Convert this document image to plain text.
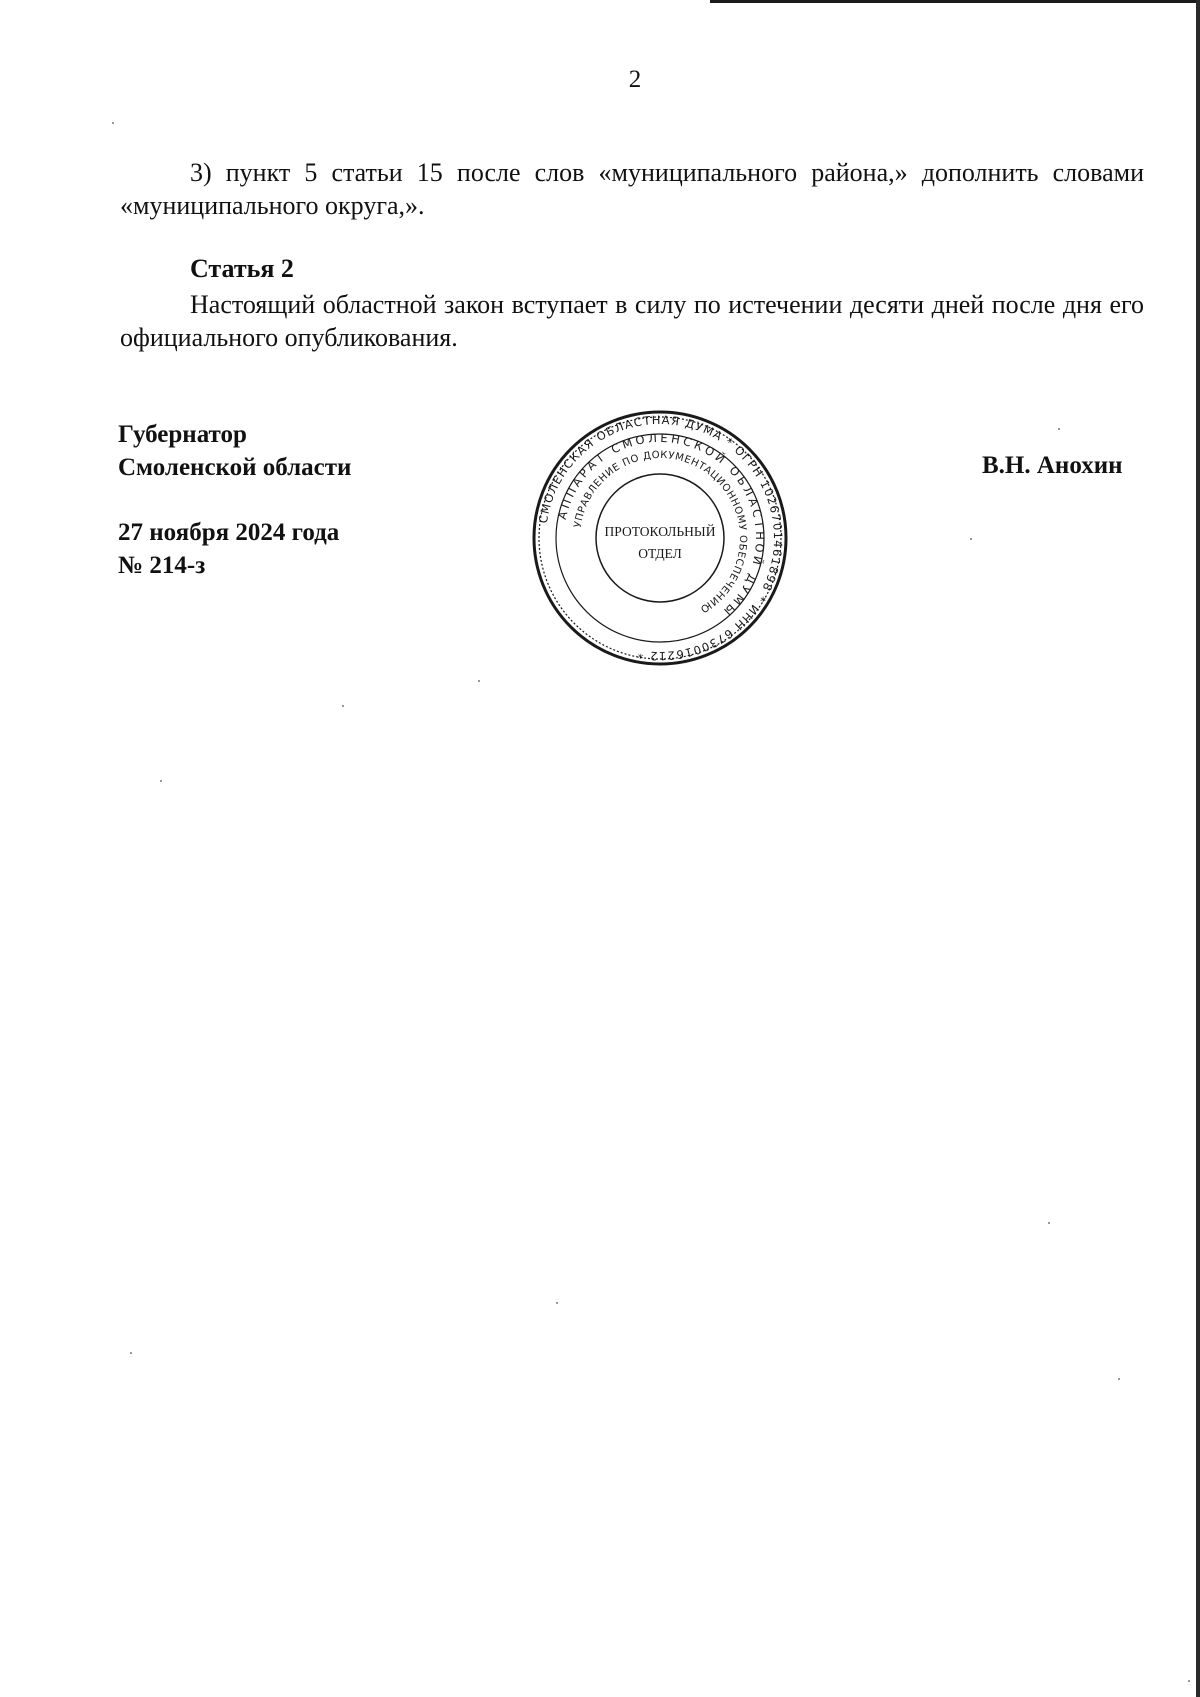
2

3) пункт 5 статьи 15 после слов «муниципального района,» дополнить словами «муниципального округа,».

Статья 2

Настоящий областной закон вступает в силу по истечении десяти дней после дня его официального опубликования.

Губернатор
Смоленской области
27 ноября 2024 года
№ 214-з
В.Н. Анохин
СМОЛЕНСКАЯ ОБЛАСТНАЯ ДУМА * ОГРН 1026701461898 * ИНН 6730016212 *
АППАРАТ СМОЛЕНСКОЙ ОБЛАСТНОЙ ДУМЫ
УПРАВЛЕНИЕ ПО ДОКУМЕНТАЦИОННОМУ ОБЕСПЕЧЕНИЮ
ПРОТОКОЛЬНЫЙ
ОТДЕЛ
